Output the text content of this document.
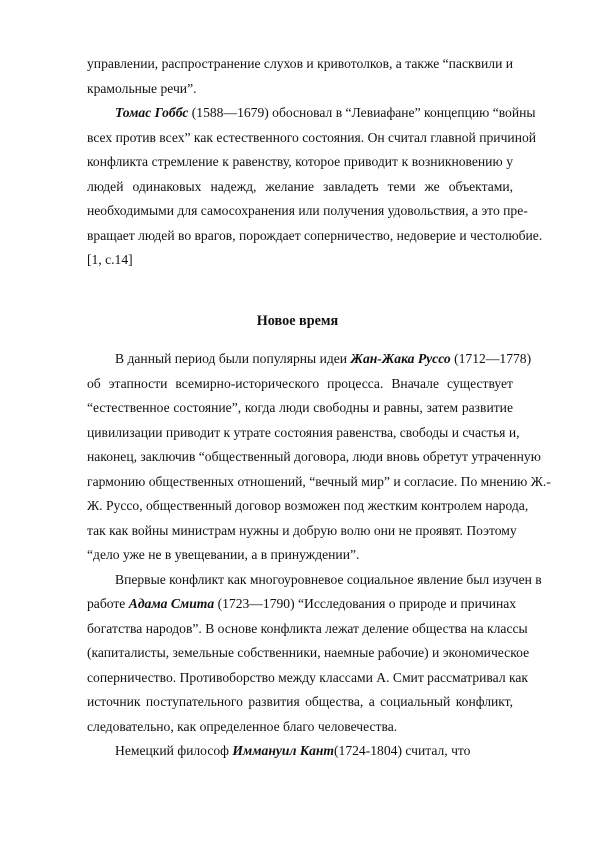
управлении, распространение слухов и кривотолков, а также “пасквили и
крамольные речи”.
Томас Гоббс (1588—1679) обосновал в “Левиафане” концепцию “войны
всех против всех” как естественного состояния. Он считал главной причиной
конфликта стремление к равенству, которое приводит к возникновению у
людей одинаковых надежд, желание завладеть теми же объектами,
необходимыми для самосохранения или получения удовольствия, а это пре-
вращает людей во врагов, порождает соперничество, недоверие и честолюбие.
[1, с.14]
Новое время
В данный период были популярны идеи Жан-Жака Руссо (1712—1778)
об этапности всемирно-исторического процесса. Вначале существует
“естественное состояние”, когда люди свободны и равны, затем развитие
цивилизации приводит к утрате состояния равенства, свободы и счастья и,
наконец, заключив “общественный договора, люди вновь обретут утраченную
гармонию общественных отношений, “вечный мир” и согласие. По мнению Ж.-
Ж. Руссо, общественный договор возможен под жестким контролем народа,
так как войны министрам нужны и добрую волю они не проявят. Поэтому
“дело уже не в увещевании, а в принуждении”.
Впервые конфликт как многоуровневое социальное явление был изучен в
работе Адама Смита (1723—1790) “Исследования о природе и причинах
богатства народов”. В основе конфликта лежат деление общества на классы
(капиталисты, земельные собственники, наемные рабочие) и экономическое
соперничество. Противоборство между классами А. Смит рассматривал как
источник поступательного развития общества, а социальный конфликт,
следовательно, как определенное благо человечества.
Немецкий философ Иммануил Кант(1724-1804) считал, что
